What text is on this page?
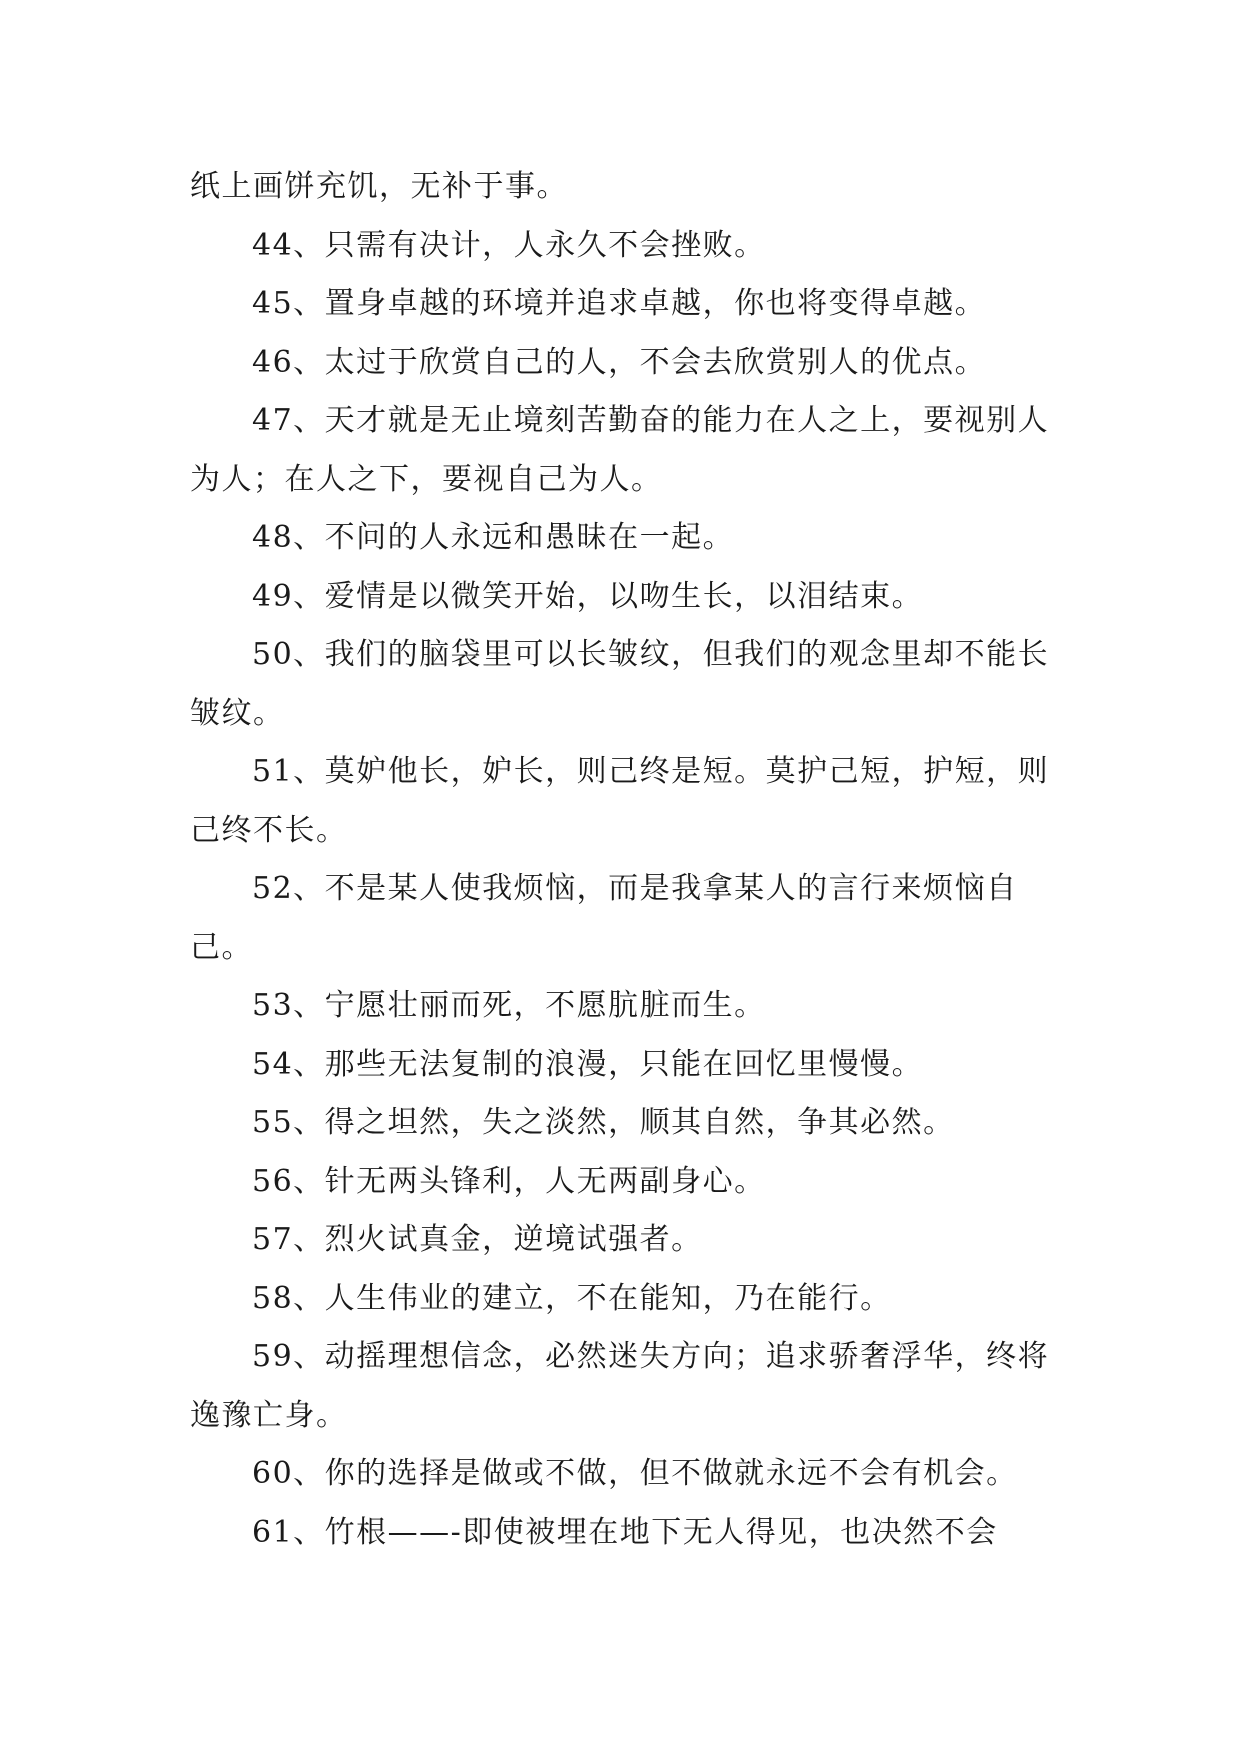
纸上画饼充饥，无补于事。

44、只需有决计，人永久不会挫败。

45、置身卓越的环境并追求卓越，你也将变得卓越。

46、太过于欣赏自己的人，不会去欣赏别人的优点。

47、天才就是无止境刻苦勤奋的能力在人之上，要视别人为人；在人之下，要视自己为人。

48、不问的人永远和愚昧在一起。

49、爱情是以微笑开始，以吻生长，以泪结束。

50、我们的脑袋里可以长皱纹，但我们的观念里却不能长皱纹。

51、莫妒他长，妒长，则己终是短。莫护己短，护短，则己终不长。

52、不是某人使我烦恼，而是我拿某人的言行来烦恼自己。

53、宁愿壮丽而死，不愿肮脏而生。

54、那些无法复制的浪漫，只能在回忆里慢慢。

55、得之坦然，失之淡然，顺其自然，争其必然。

56、针无两头锋利，人无两副身心。

57、烈火试真金，逆境试强者。

58、人生伟业的建立，不在能知，乃在能行。

59、动摇理想信念，必然迷失方向；追求骄奢浮华，终将逸豫亡身。

60、你的选择是做或不做，但不做就永远不会有机会。

61、竹根——-即使被埋在地下无人得见，也决然不会
